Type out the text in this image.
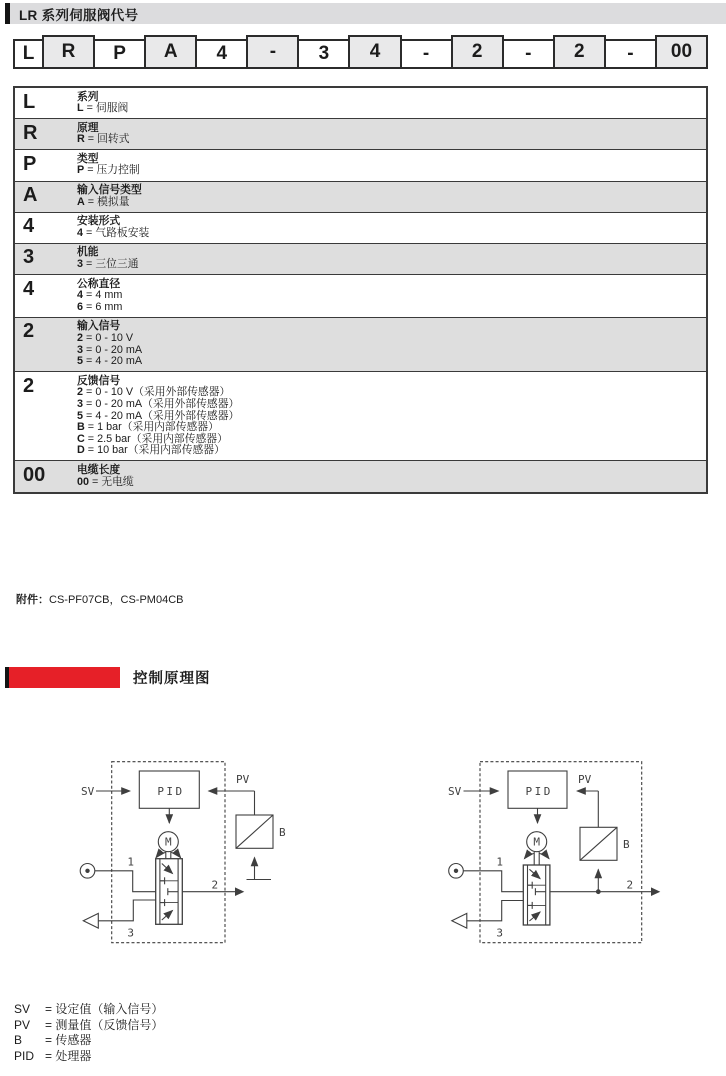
LR 系列伺服阀代号
L	R	P	A	4	-	3	4	-	2	-	2	-	00
L	系列
L = 伺服阀
R	原理
R = 回转式
P	类型
P = 压力控制
A	输入信号类型
A = 模拟量
4	安装形式
4 = 气路板安装
3	机能
3 = 三位三通
4	公称直径
4 = 4 mm
6 = 6 mm
2	输入信号
2 = 0 - 10 V
3 = 0 - 20 mA
5 = 4 - 20 mA
2	反馈信号
2 = 0 - 10 V（采用外部传感器）
3 = 0 - 20 mA（采用外部传感器）
5 = 4 - 20 mA（采用外部传感器）
B = 1 bar（采用内部传感器）
C = 2.5 bar（采用内部传感器）
D = 10 bar（采用内部传感器）
00	电缆长度
00 = 无电缆
附件：CS-PF07CB，CS-PM04CB
控制原理图
SV
PV
PID
M
B
1
2
3
SV
PV
PID
M	B
1
2
3
SV	= 设定值（输入信号）
PV	= 测量值（反馈信号）
B	= 传感器
PID = 处理器
